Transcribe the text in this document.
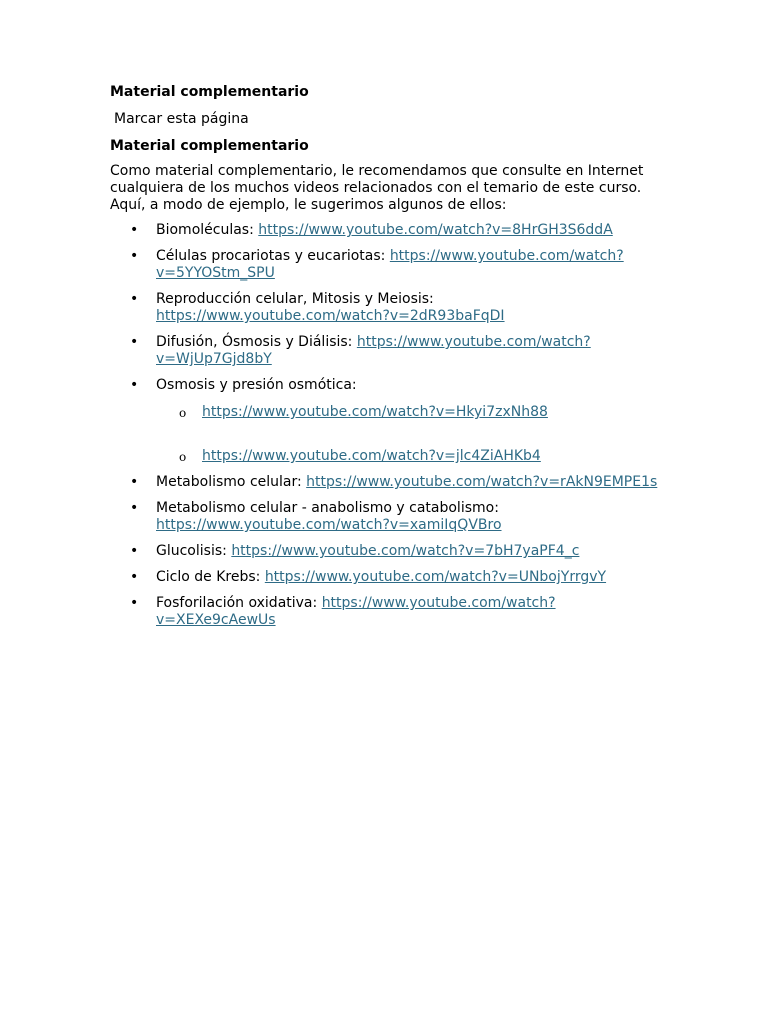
Material complementario

Marcar esta página

Material complementario

Como material complementario, le recomendamos que consulte en Internet
cualquiera de los muchos videos relacionados con el temario de este curso.
Aquí, a modo de ejemplo, le sugerimos algunos de ellos:

• Biomoléculas: https://www.youtube.com/watch?v=8HrGH3S6ddA
• Células procariotas y eucariotas: https://www.youtube.com/watch?v=5YYOStm_SPU
• Reproducción celular, Mitosis y Meiosis: https://www.youtube.com/watch?v=2dR93baFqDI
• Difusión, Ósmosis y Diálisis: https://www.youtube.com/watch?v=WjUp7Gjd8bY
• Osmosis y presión osmótica:
o https://www.youtube.com/watch?v=Hkyi7zxNh88
o https://www.youtube.com/watch?v=jlc4ZiAHKb4
• Metabolismo celular: https://www.youtube.com/watch?v=rAkN9EMPE1s
• Metabolismo celular - anabolismo y catabolismo: https://www.youtube.com/watch?v=xamiIqQVBro
• Glucolisis: https://www.youtube.com/watch?v=7bH7yaPF4_c
• Ciclo de Krebs: https://www.youtube.com/watch?v=UNbojYrrgvY
• Fosforilación oxidativa: https://www.youtube.com/watch?v=XEXe9cAewUs
